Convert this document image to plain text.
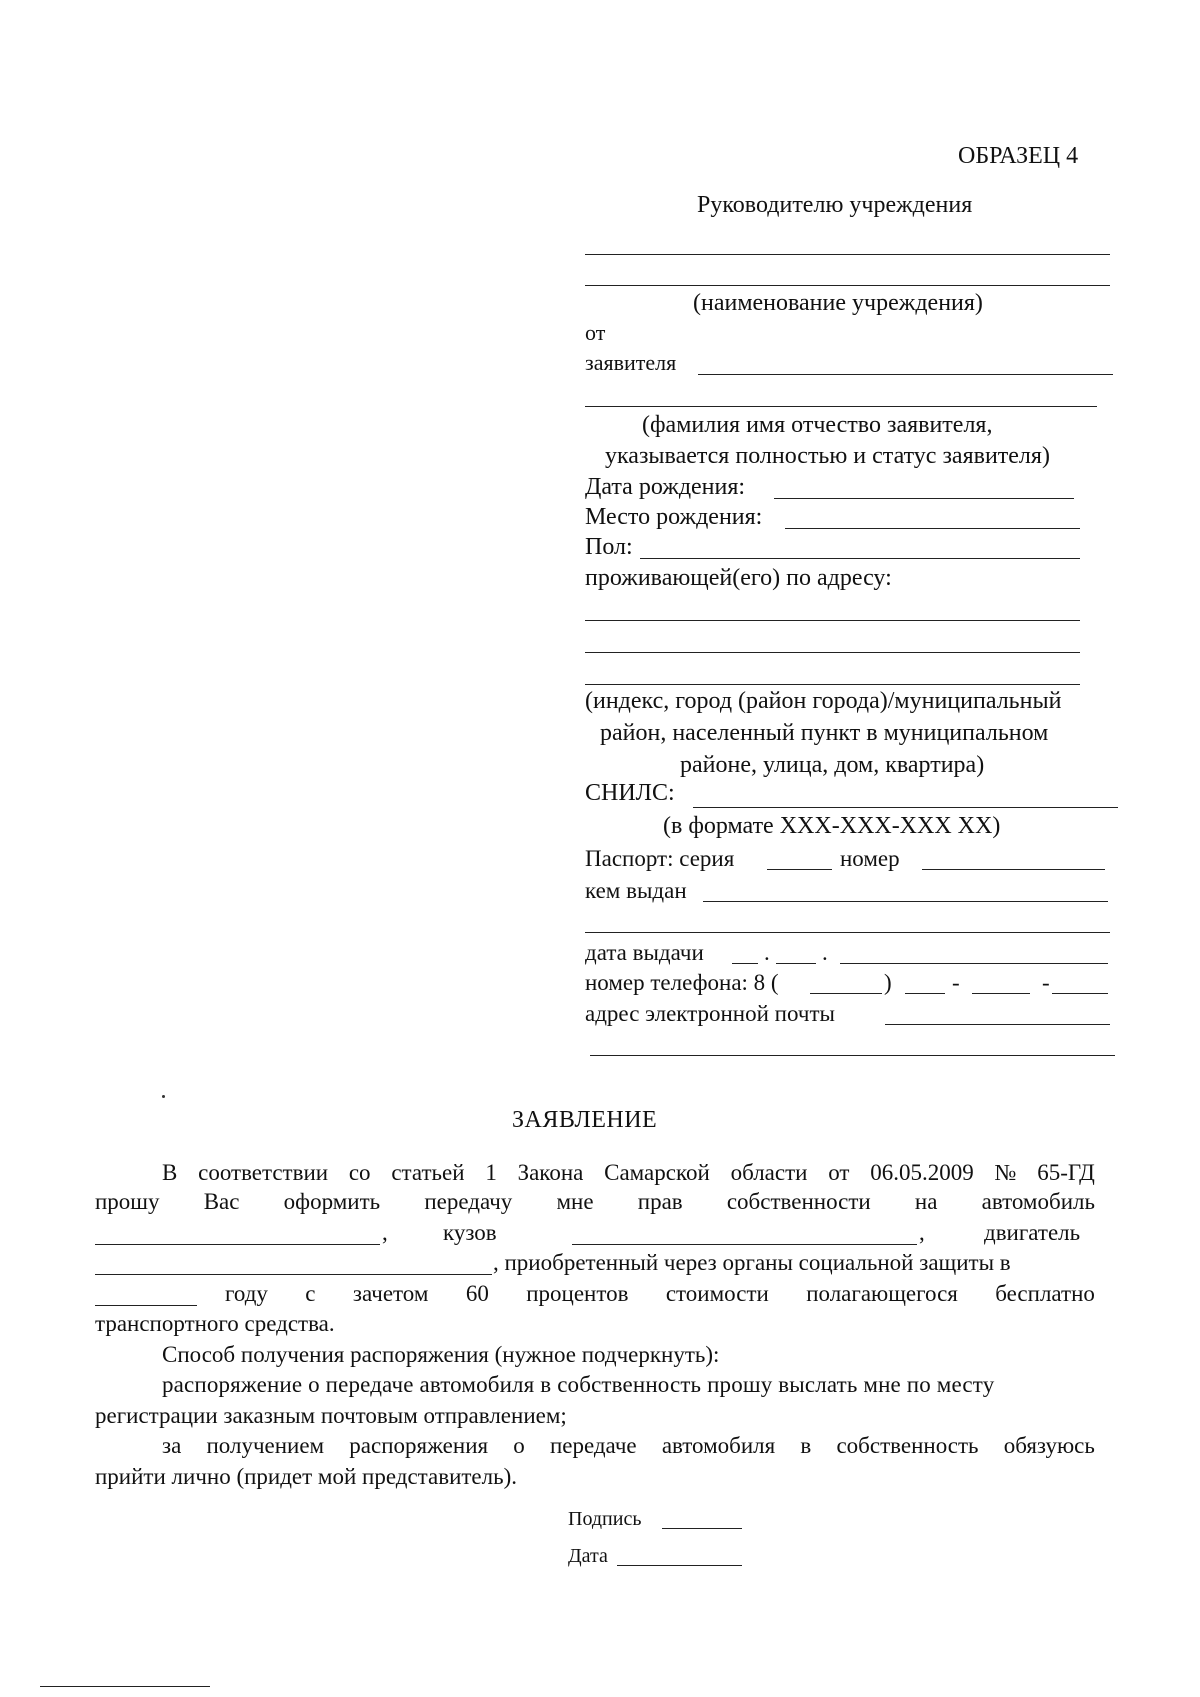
ОБРАЗЕЦ 4
Руководителю учреждения
(наименование учреждения)
от
заявителя
(фамилия имя отчество заявителя,
указывается полностью и статус заявителя)
Дата рождения:
Место рождения:
Пол:
проживающей(его) по адресу:
(индекс, город (район города)/муниципальный
район, населенный пункт в муниципальном
районе, улица, дом, квартира)
СНИЛС:
(в формате ХХХ-ХХХ-ХХХ ХХ)
Паспорт: серия	номер
кем выдан
дата выдачи	. .
номер телефона: 8 (	)	-	-
адрес электронной почты
ЗАЯВЛЕНИЕ
В соответствии со статьей 1 Закона Самарской области от 06.05.2009 № 65-ГД
прошу Вас оформить передачу мне прав собственности на автомобиль
, кузов	,	двигатель
, приобретенный через органы социальной защиты в
году с зачетом 60 процентов стоимости полагающегося бесплатно
транспортного средства.
Способ получения распоряжения (нужное подчеркнуть):
распоряжение о передаче автомобиля в собственность прошу выслать мне по месту
регистрации заказным почтовым отправлением;
за получением распоряжения о передаче автомобиля в собственность обязуюсь
прийти лично (придет мой представитель).
Подпись
Дата
